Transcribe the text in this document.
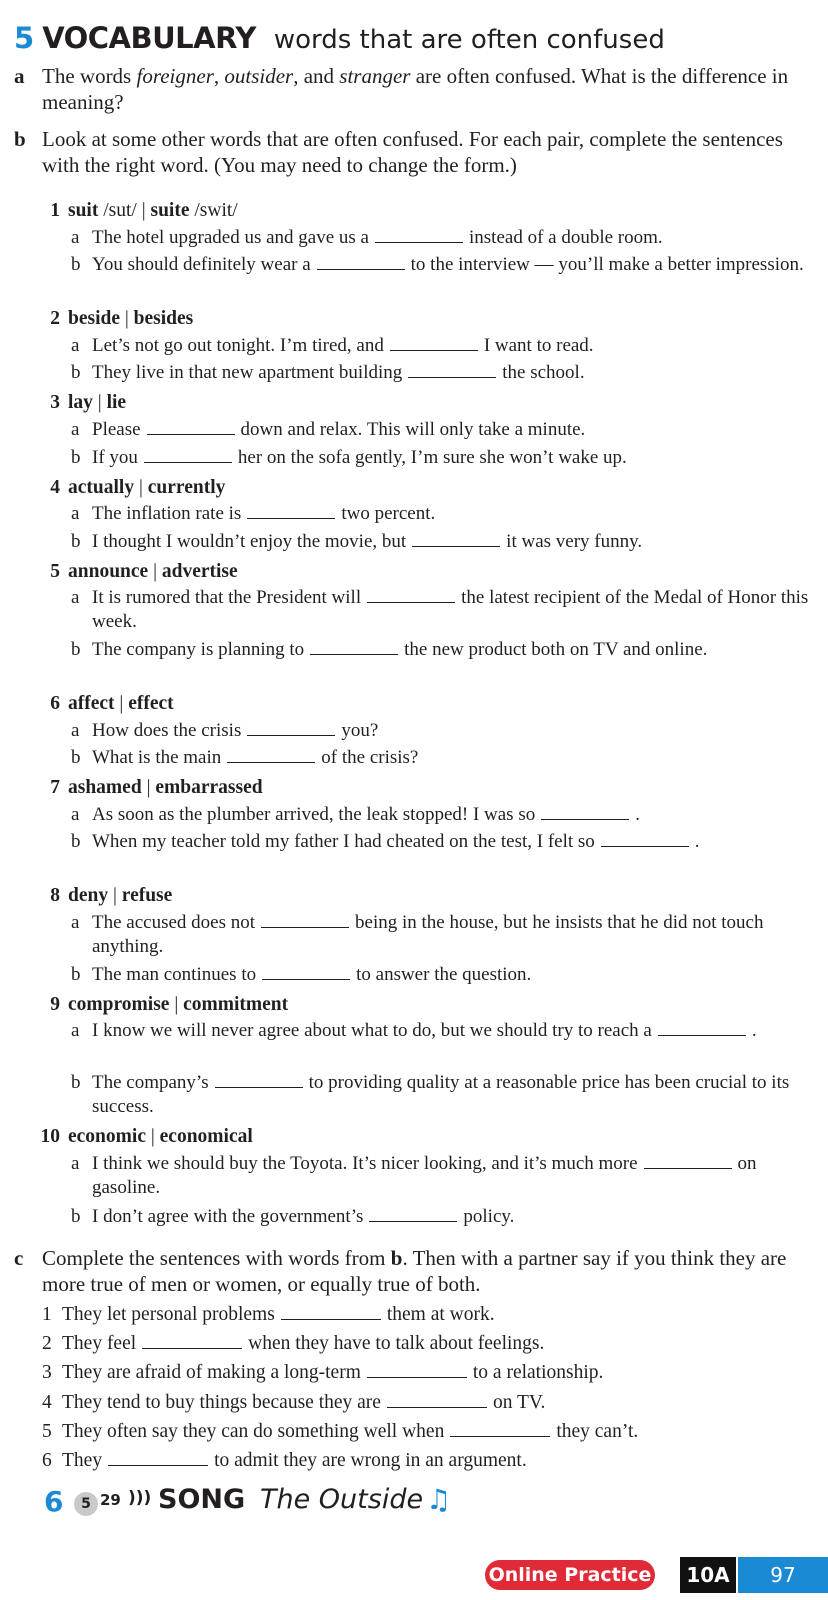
5 VOCABULARY words that are often confused
a The words foreigner, outsider, and stranger are often confused. What is the difference in meaning?
b Look at some other words that are often confused. For each pair, complete the sentences with the right word. (You may need to change the form.)
1 suit /sut/ | suite /swit/
a The hotel upgraded us and gave us a	instead of a double room.
b You should definitely wear a	to the interview — you’ll make a better impression.
2 beside | besides
a Let’s not go out tonight. I’m tired, and	I want to read.
b They live in that new apartment building	the school.
3 lay | lie
a Please	down and relax. This will only take a minute.
b If you	her on the sofa gently, I’m sure she won’t wake up.
4 actually | currently
a The inflation rate is	two percent.
b I thought I wouldn’t enjoy the movie, but	it was very funny.
5 announce | advertise
a It is rumored that the President will	the latest recipient of the Medal of Honor this week.
b The company is planning to	the new product both on TV and online.
6 affect | effect
a How does the crisis	you?
b What is the main	of the crisis?
7 ashamed | embarrassed
a As soon as the plumber arrived, the leak stopped! I was so	.
b When my teacher told my father I had cheated on the test, I felt so	.
8 deny | refuse
a The accused does not	being in the house, but he insists that he did not touch anything.
b The man continues to	to answer the question.
9 compromise | commitment
a I know we will never agree about what to do, but we should try to reach a	.
b The company’s	to providing quality at a reasonable price has been crucial to its success.
10 economic | economical
a I think we should buy the Toyota. It’s nicer looking, and it’s much more	on gasoline.
b I don’t agree with the government’s	policy.
c Complete the sentences with words from b. Then with a partner say if you think they are more true of men or women, or equally true of both.
1 They let personal problems	them at work.
2 They feel	when they have to talk about feelings.
3 They are afraid of making a long-term	to a relationship.
4 They tend to buy things because they are	on TV.
5 They often say they can do something well when	they can’t.
6 They	to admit they are wrong in an argument.
6	5 29 ))) SONG The Outside ♫
Online Practice	10A	97
